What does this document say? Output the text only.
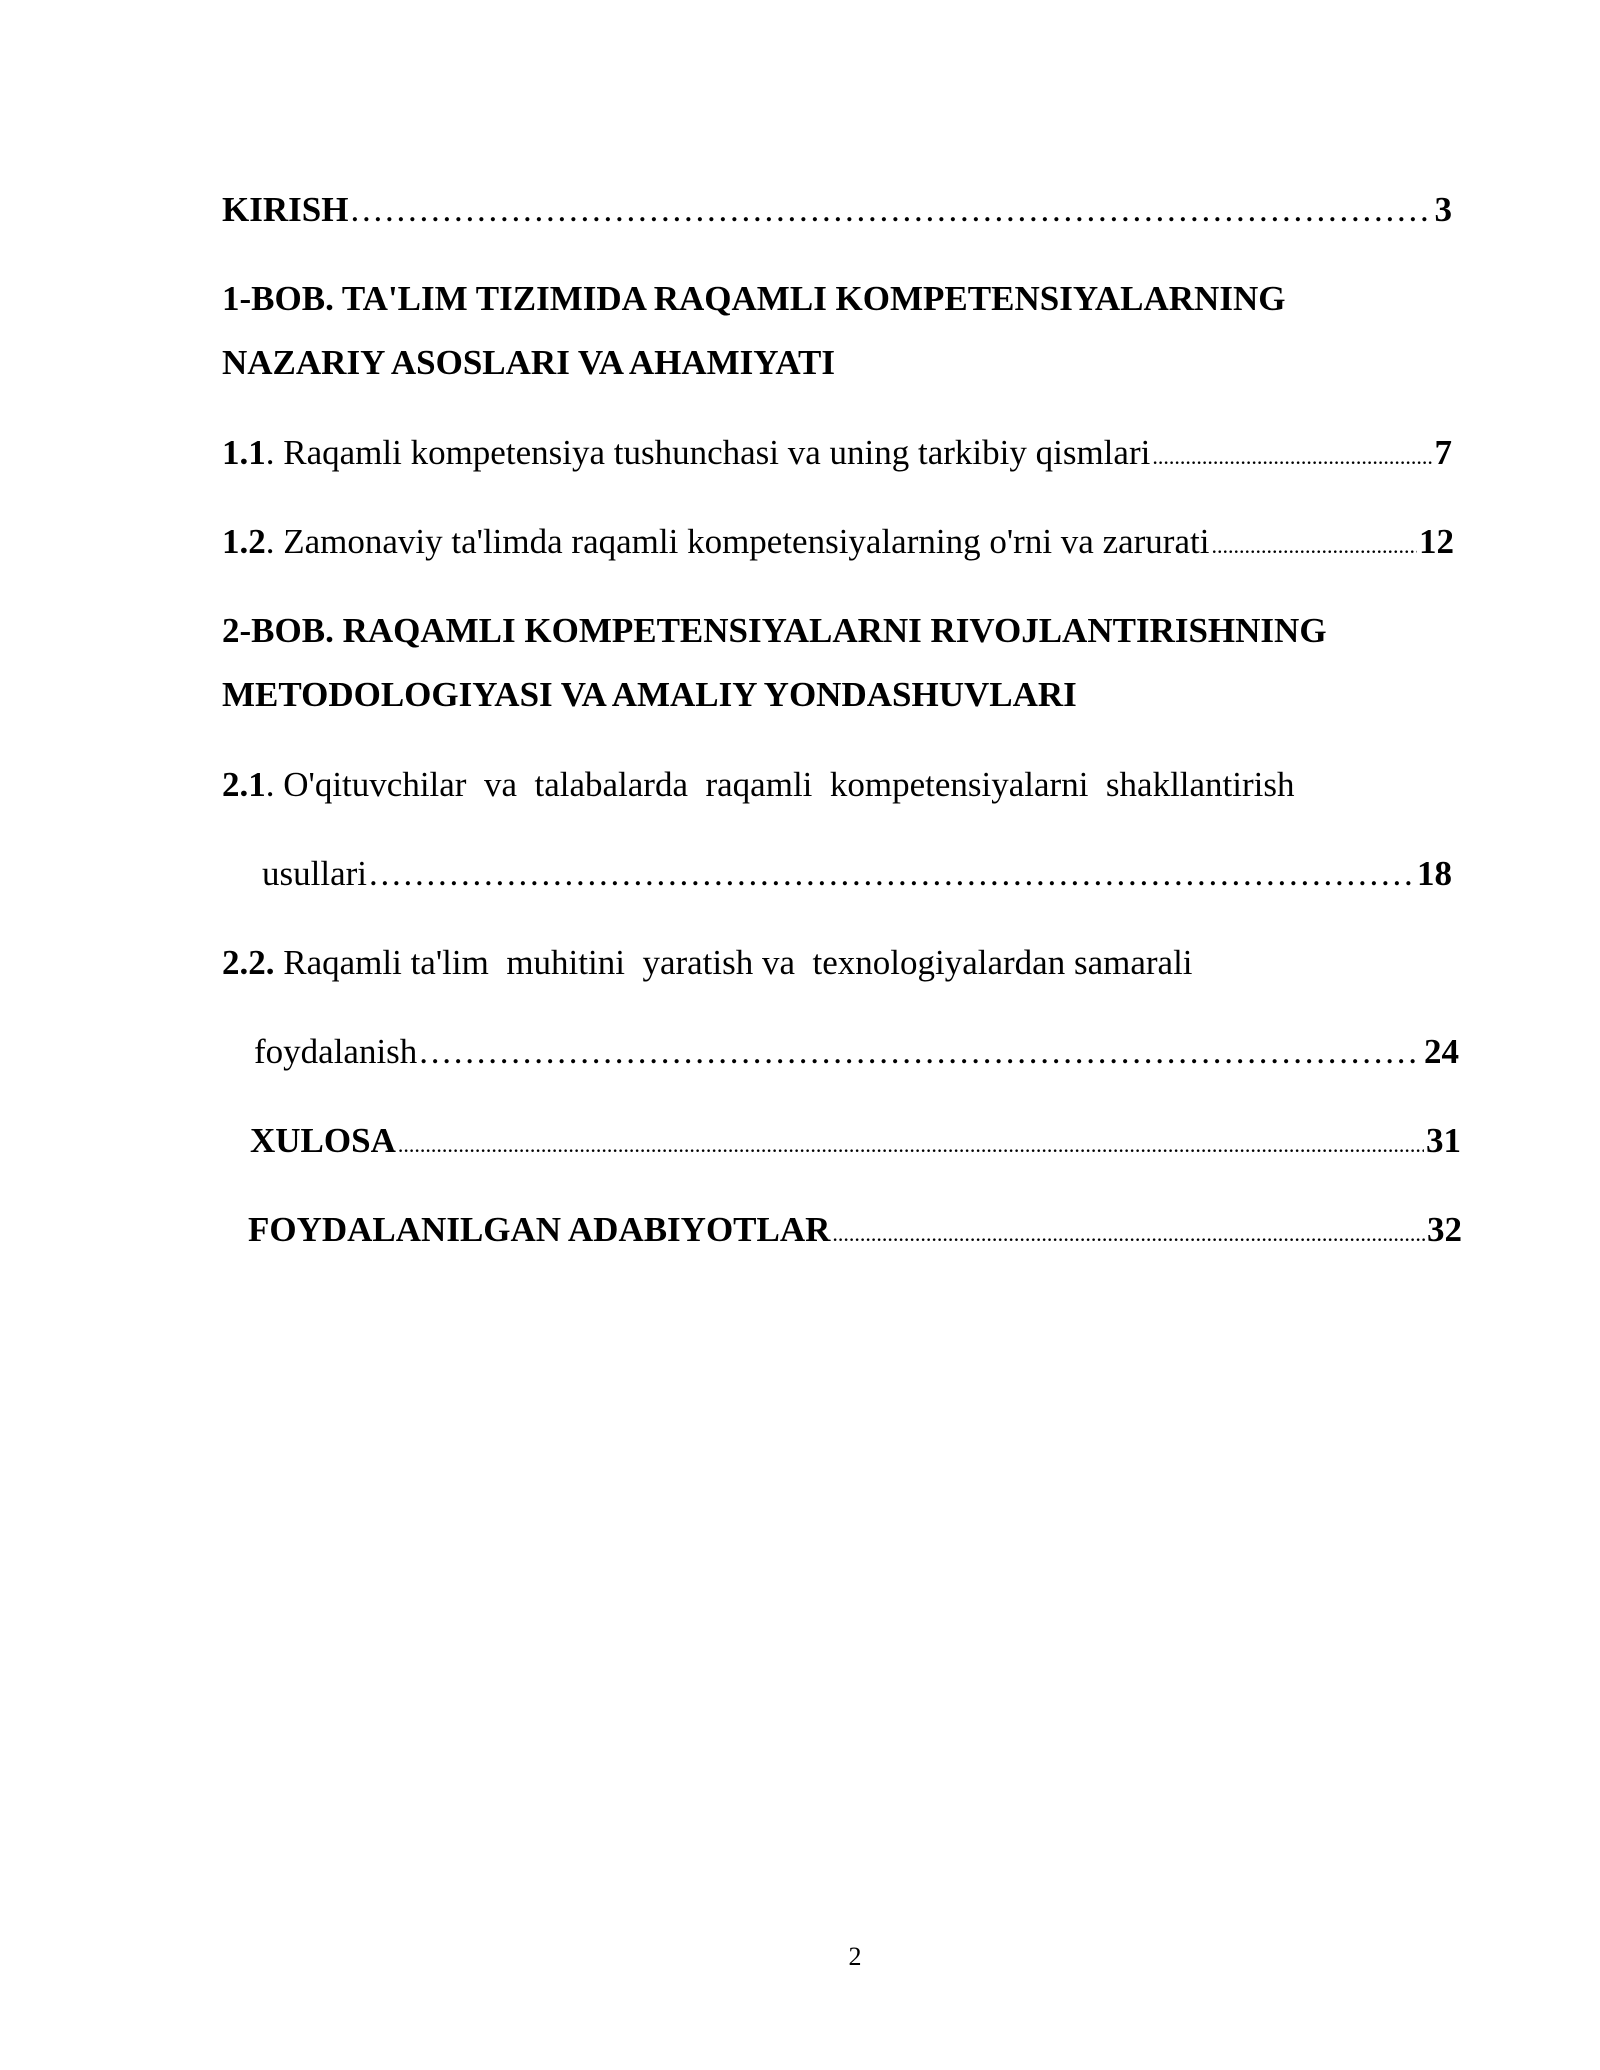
KIRISH . . .	3
1-BOB. TA'LIM TIZIMIDA RAQAMLI KOMPETENSIYALARNING
NAZARIY ASOSLARI VA AHAMIYATI
1.1 . Raqamli kompetensiya tushunchasi va uning tarkibiy qismlari .....	7
1.2 . Zamonaviy ta'limda raqamli kompetensiyalarning o'rni va zarurati .....	12
2-BOB. RAQAMLI KOMPETENSIYALARNI RIVOJLANTIRISHNING
METODOLOGIYASI VA AMALIY YONDASHUVLARI
2.1 . O'qituvchilar  va  talabalarda  raqamli  kompetensiyalarni  shakllantirish
usullari . . .	18
2.2. Raqamli ta'lim  muhitini  yaratish va  texnologiyalardan samarali
foydalanish . . .	24
XULOSA .....	31
FOYDALANILGAN ADABIYOTLAR .....	32
2
